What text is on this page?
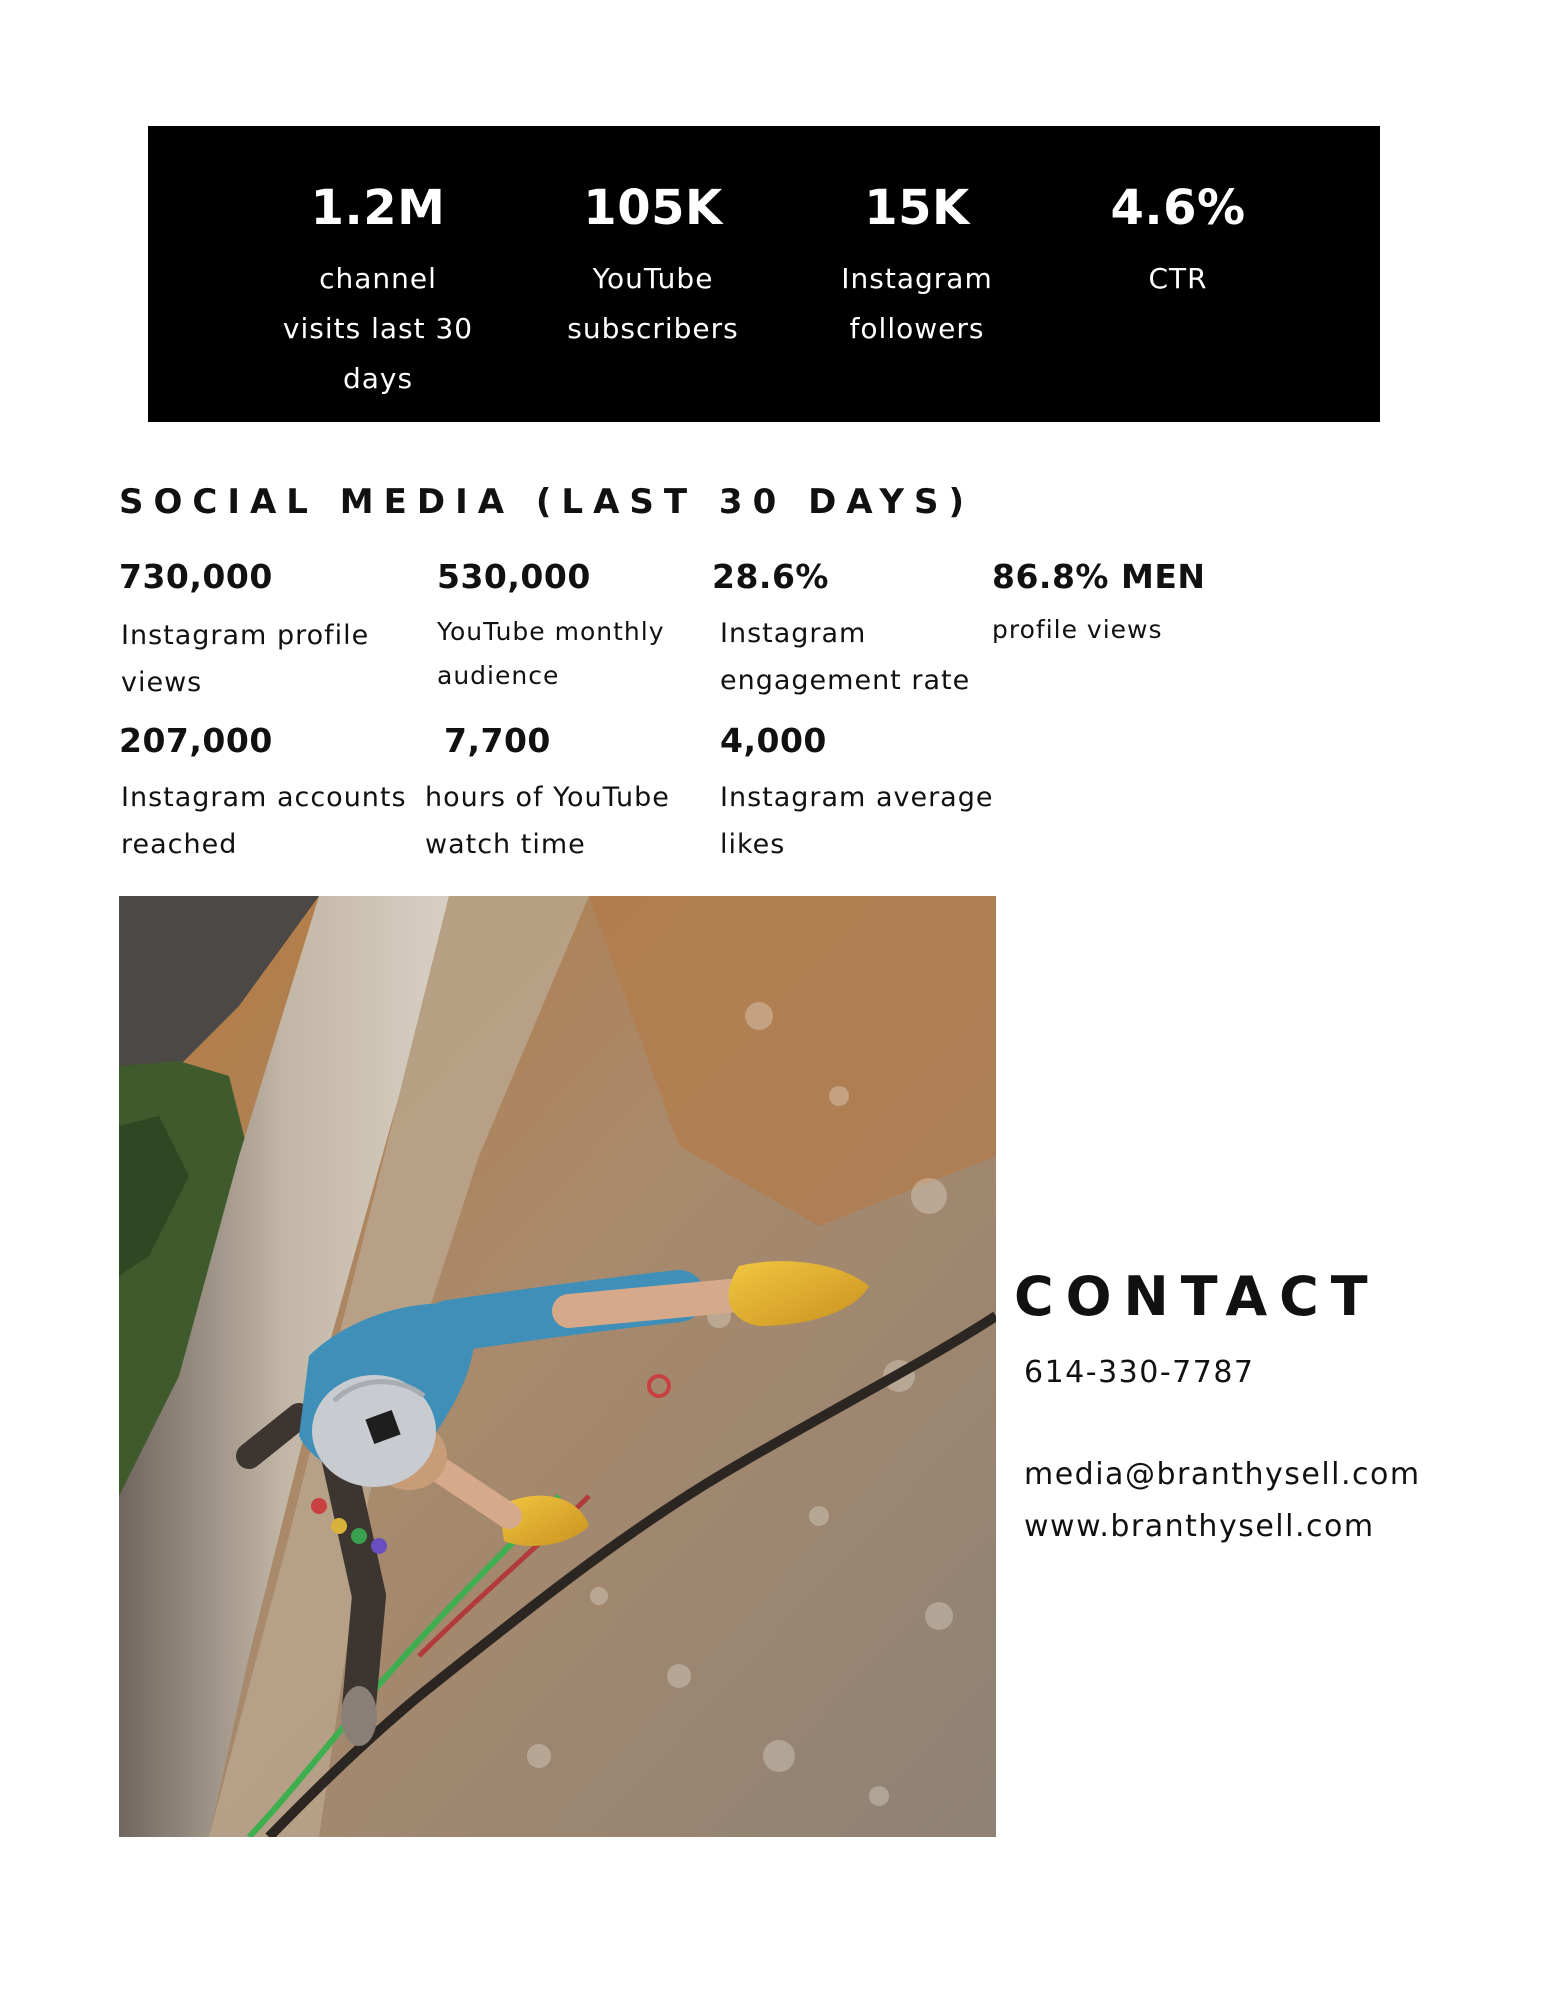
1.2M
channel
visits last 30 days
105K
YouTube
subscribers
15K
Instagram
followers
4.6%
CTR
SOCIAL MEDIA (LAST 30 DAYS)
730,000
Instagram profile
views
530,000
YouTube monthly
audience
28.6%
Instagram
engagement rate
86.8% MEN
profile views
207,000
Instagram accounts
reached
7,700
hours of YouTube
watch time
4,000
Instagram average
likes
CONTACT
614-330-7787
media@branthysell.com
www.branthysell.com
